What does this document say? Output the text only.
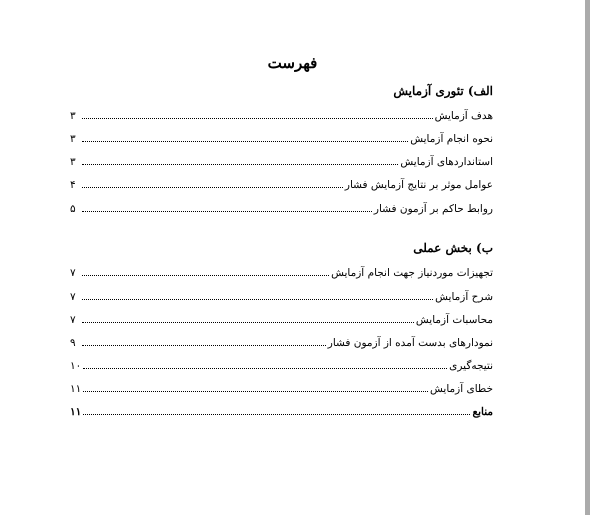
فهرست
الف) تئوری آزمایش
هدف آزمایش
۳
نحوه انجام آزمایش
۳
استانداردهای آزمایش
۳
عوامل موثر بر نتایج آزمایش فشار
۴
روابط حاکم بر آزمون فشار
۵
ب) بخش عملی
تجهیزات موردنیاز جهت انجام آزمایش
۷
شرح آزمایش
۷
محاسبات آزمایش
۷
نمودارهای بدست آمده از آزمون فشار
۹
نتیجه‌گیری
۱۰
خطای آزمایش
۱۱
منابع
۱۱
